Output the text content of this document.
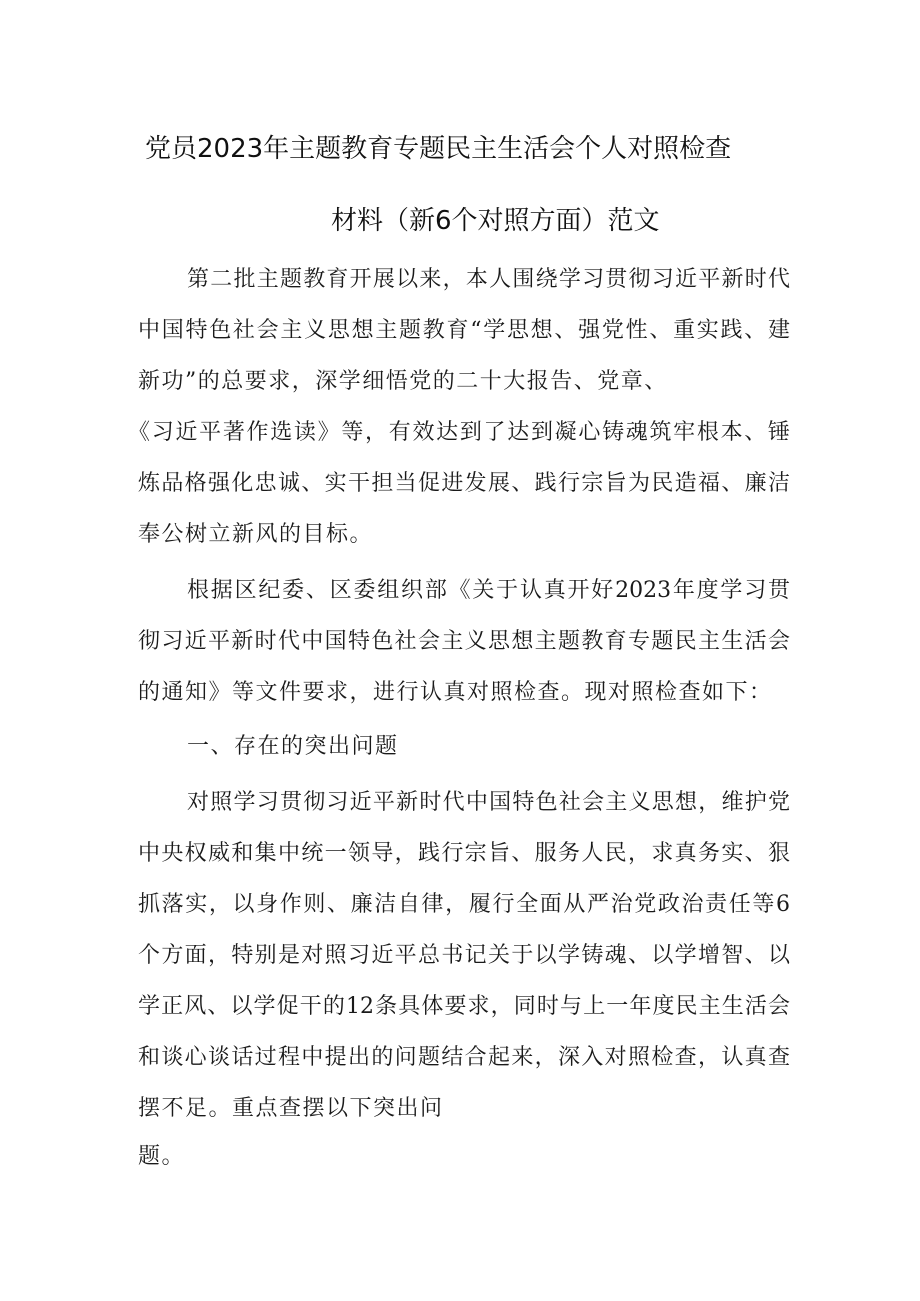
党员2023年主题教育专题民主生活会个人对照检查
材料（新6个对照方面）范文
第二批主题教育开展以来，本人围绕学习贯彻习近平新时代
中国特色社会主义思想主题教育“学思想、强党性、重实践、建
新功”的总要求，深学细悟党的二十大报告、党章、
《习近平著作选读》等，有效达到了达到凝心铸魂筑牢根本、锤
炼品格强化忠诚、实干担当促进发展、践行宗旨为民造福、廉洁
奉公树立新风的目标。
根据区纪委、区委组织部《关于认真开好2023年度学习贯
彻习近平新时代中国特色社会主义思想主题教育专题民主生活会
的通知》等文件要求，进行认真对照检查。现对照检查如下：
一、存在的突出问题
对照学习贯彻习近平新时代中国特色社会主义思想，维护党
中央权威和集中统一领导，践行宗旨、服务人民，求真务实、狠
抓落实，以身作则、廉洁自律，履行全面从严治党政治责任等6
个方面，特别是对照习近平总书记关于以学铸魂、以学增智、以
学正风、以学促干的12条具体要求，同时与上一年度民主生活会
和谈心谈话过程中提出的问题结合起来，深入对照检查，认真查
摆不足。重点查摆以下突出问
题。
